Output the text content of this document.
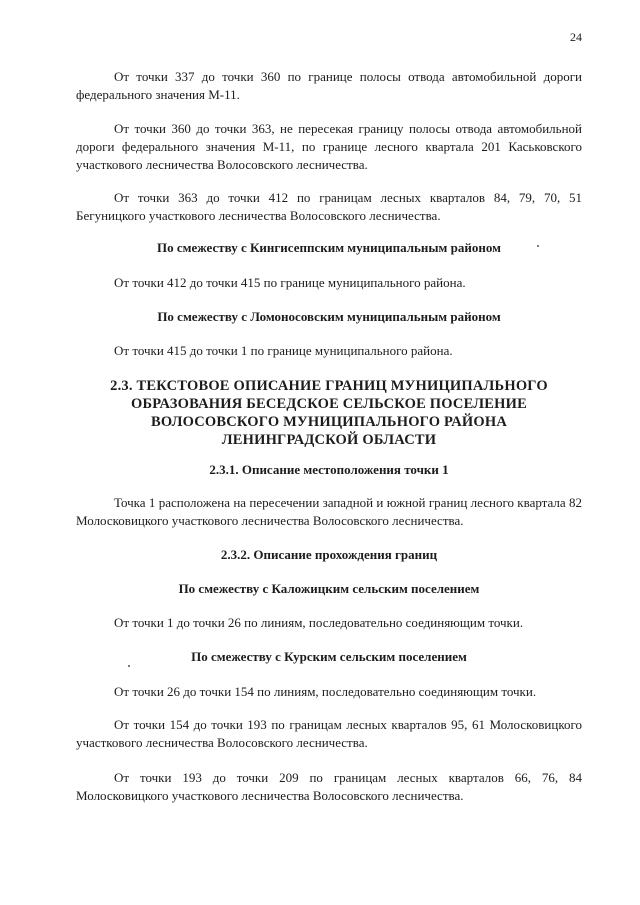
24

От точки 337 до точки 360 по границе полосы отвода автомобильной дороги федерального значения М-11.

От точки 360 до точки 363, не пересекая границу полосы отвода автомобильной дороги федерального значения М-11, по границе лесного квартала 201 Каськовского участкового лесничества Волосовского лесничества.

От точки 363 до точки 412 по границам лесных кварталов 84, 79, 70, 51 Бегуницкого участкового лесничества Волосовского лесничества.

По смежеству с Кингисеппским муниципальным районом

От точки 412 до точки 415 по границе муниципального района.

По смежеству с Ломоносовским муниципальным районом

От точки 415 до точки 1 по границе муниципального района.

2.3. ТЕКСТОВОЕ ОПИСАНИЕ ГРАНИЦ МУНИЦИПАЛЬНОГО ОБРАЗОВАНИЯ БЕСЕДСКОЕ СЕЛЬСКОЕ ПОСЕЛЕНИЕ ВОЛОСОВСКОГО МУНИЦИПАЛЬНОГО РАЙОНА ЛЕНИНГРАДСКОЙ ОБЛАСТИ
2.3.1. Описание местоположения точки 1

Точка 1 расположена на пересечении западной и южной границ лесного квартала 82 Молосковицкого участкового лесничества Волосовского лесничества.

2.3.2. Описание прохождения границ
По смежеству с Каложицким сельским поселением

От точки 1 до точки 26 по линиям, последовательно соединяющим точки.

По смежеству с Курским сельским поселением

От точки 26 до точки 154 по линиям, последовательно соединяющим точки.

От точки 154 до точки 193 по границам лесных кварталов 95, 61 Молосковицкого участкового лесничества Волосовского лесничества.

От точки 193 до точки 209 по границам лесных кварталов 66, 76, 84 Молосковицкого участкового лесничества Волосовского лесничества.
